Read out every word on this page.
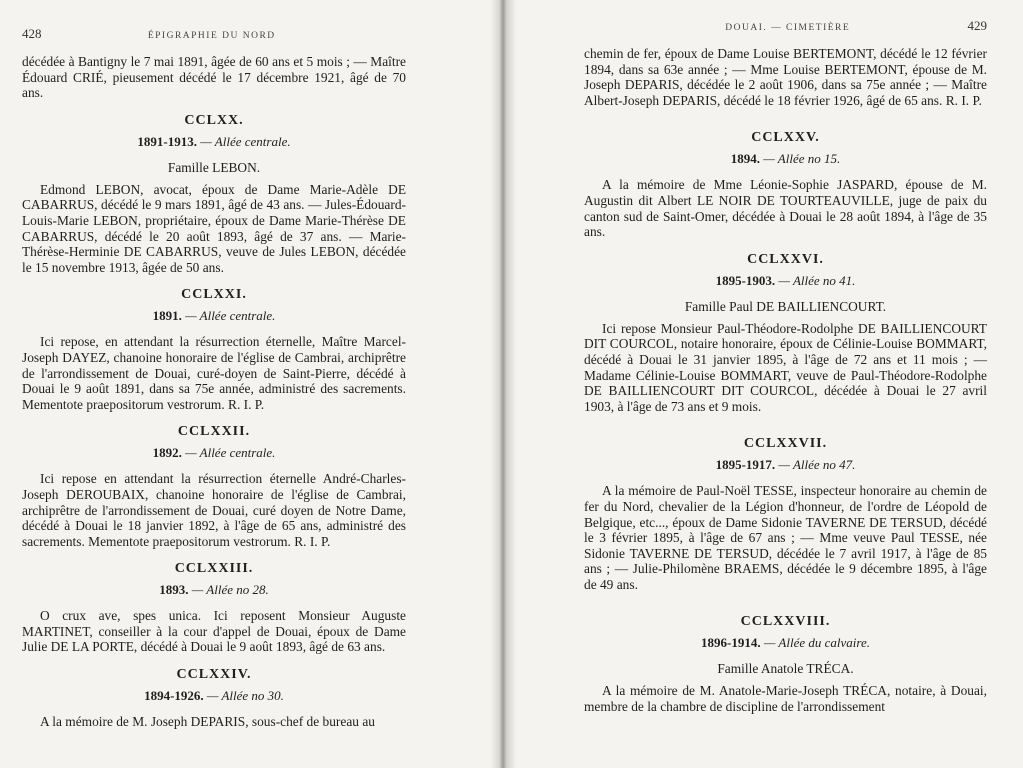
428	ÉPIGRAPHIE DU NORD

décédée à Bantigny le 7 mai 1891, âgée de 60 ans et 5 mois ; — Maître Édouard CRIÉ, pieusement décédé le 17 décembre 1921, âgé de 70 ans.

CCLXX.
1891-1913. — Allée centrale.
Famille LEBON.

Edmond LEBON, avocat, époux de Dame Marie-Adèle DE CABARRUS, décédé le 9 mars 1891, âgé de 43 ans. — Jules-Édouard-Louis-Marie LEBON, propriétaire, époux de Dame Marie-Thérèse DE CABARRUS, décédé le 20 août 1893, âgé de 37 ans. — Marie-Thérèse-Herminie DE CABARRUS, veuve de Jules LEBON, décédée le 15 novembre 1913, âgée de 50 ans.

CCLXXI.
1891. — Allée centrale.

Ici repose, en attendant la résurrection éternelle, Maître Marcel-Joseph DAYEZ, chanoine honoraire de l'église de Cambrai, archiprêtre de l'arrondissement de Douai, curé-doyen de Saint-Pierre, décédé à Douai le 9 août 1891, dans sa 75e année, administré des sacrements. Mementote praepositorum vestrorum. R. I. P.

CCLXXII.
1892. — Allée centrale.

Ici repose en attendant la résurrection éternelle André-Charles-Joseph DEROUBAIX, chanoine honoraire de l'église de Cambrai, archiprêtre de l'arrondissement de Douai, curé doyen de Notre Dame, décédé à Douai le 18 janvier 1892, à l'âge de 65 ans, administré des sacrements. Mementote praepositorum vestrorum. R. I. P.

CCLXXIII.
1893. — Allée no 28.

O crux ave, spes unica. Ici reposent Monsieur Auguste MARTINET, conseiller à la cour d'appel de Douai, époux de Dame Julie DE LA PORTE, décédé à Douai le 9 août 1893, âgé de 63 ans.

CCLXXIV.
1894-1926. — Allée no 30.

A la mémoire de M. Joseph DEPARIS, sous-chef de bureau au

DOUAI. — CIMETIÈRE	429

chemin de fer, époux de Dame Louise BERTEMONT, décédé le 12 février 1894, dans sa 63e année ; — Mme Louise BERTEMONT, épouse de M. Joseph DEPARIS, décédée le 2 août 1906, dans sa 75e année ; — Maître Albert-Joseph DEPARIS, décédé le 18 février 1926, âgé de 65 ans. R. I. P.

CCLXXV.
1894. — Allée no 15.

A la mémoire de Mme Léonie-Sophie JASPARD, épouse de M. Augustin dit Albert LE NOIR DE TOURTEAUVILLE, juge de paix du canton sud de Saint-Omer, décédée à Douai le 28 août 1894, à l'âge de 35 ans.

CCLXXVI.
1895-1903. — Allée no 41.
Famille Paul DE BAILLIENCOURT.

Ici repose Monsieur Paul-Théodore-Rodolphe DE BAILLIENCOURT DIT COURCOL, notaire honoraire, époux de Célinie-Louise BOMMART, décédé à Douai le 31 janvier 1895, à l'âge de 72 ans et 11 mois ; — Madame Célinie-Louise BOMMART, veuve de Paul-Théodore-Rodolphe DE BAILLIENCOURT DIT COURCOL, décédée à Douai le 27 avril 1903, à l'âge de 73 ans et 9 mois.

CCLXXVII.
1895-1917. — Allée no 47.

A la mémoire de Paul-Noël TESSE, inspecteur honoraire au chemin de fer du Nord, chevalier de la Légion d'honneur, de l'ordre de Léopold de Belgique, etc..., époux de Dame Sidonie TAVERNE DE TERSUD, décédé le 3 février 1895, à l'âge de 67 ans ; — Mme veuve Paul TESSE, née Sidonie TAVERNE DE TERSUD, décédée le 7 avril 1917, à l'âge de 85 ans ; — Julie-Philomène BRAEMS, décédée le 9 décembre 1895, à l'âge de 49 ans.

CCLXXVIII.
1896-1914. — Allée du calvaire.
Famille Anatole TRÉCA.

A la mémoire de M. Anatole-Marie-Joseph TRÉCA, notaire, à Douai, membre de la chambre de discipline de l'arrondissement
